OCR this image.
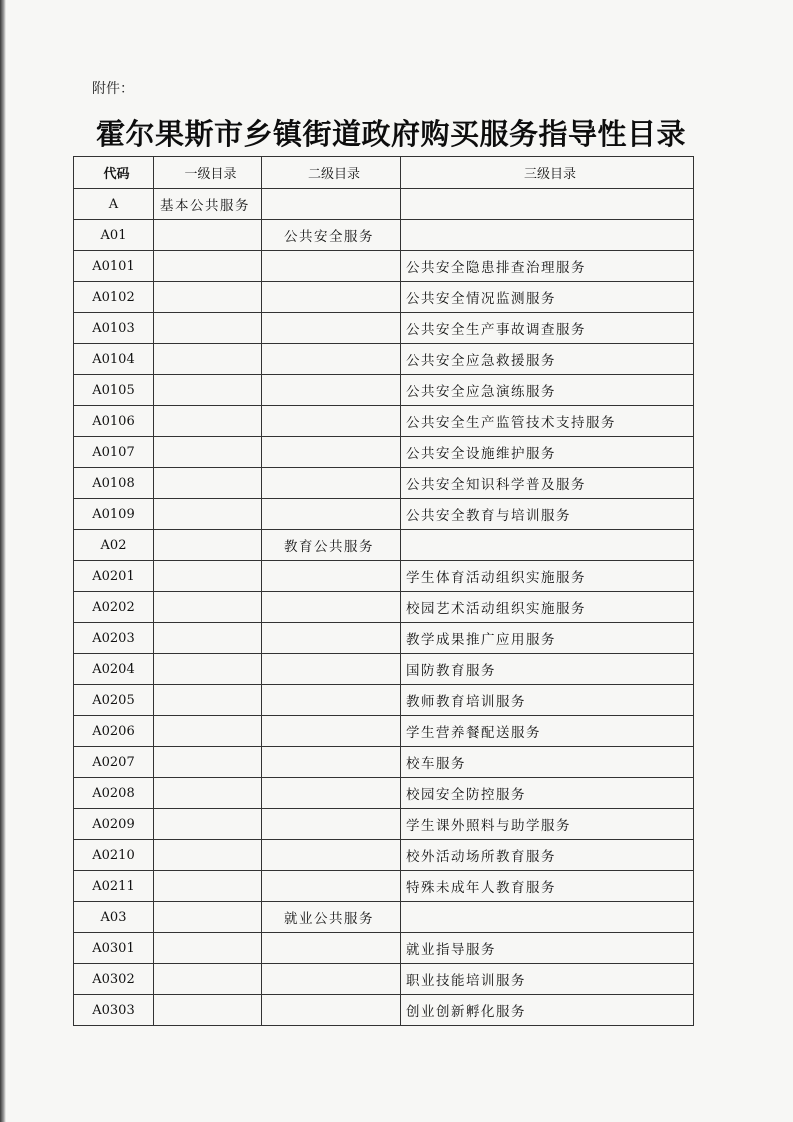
附件：
霍尔果斯市乡镇街道政府购买服务指导性目录
代码	一级目录	二级目录	三级目录
A	基本公共服务		
A01		公共安全服务	
A0101			公共安全隐患排查治理服务
A0102			公共安全情况监测服务
A0103			公共安全生产事故调查服务
A0104			公共安全应急救援服务
A0105			公共安全应急演练服务
A0106			公共安全生产监管技术支持服务
A0107			公共安全设施维护服务
A0108			公共安全知识科学普及服务
A0109			公共安全教育与培训服务
A02		教育公共服务	
A0201			学生体育活动组织实施服务
A0202			校园艺术活动组织实施服务
A0203			教学成果推广应用服务
A0204			国防教育服务
A0205			教师教育培训服务
A0206			学生营养餐配送服务
A0207			校车服务
A0208			校园安全防控服务
A0209			学生课外照料与助学服务
A0210			校外活动场所教育服务
A0211			特殊未成年人教育服务
A03		就业公共服务	
A0301			就业指导服务
A0302			职业技能培训服务
A0303			创业创新孵化服务
